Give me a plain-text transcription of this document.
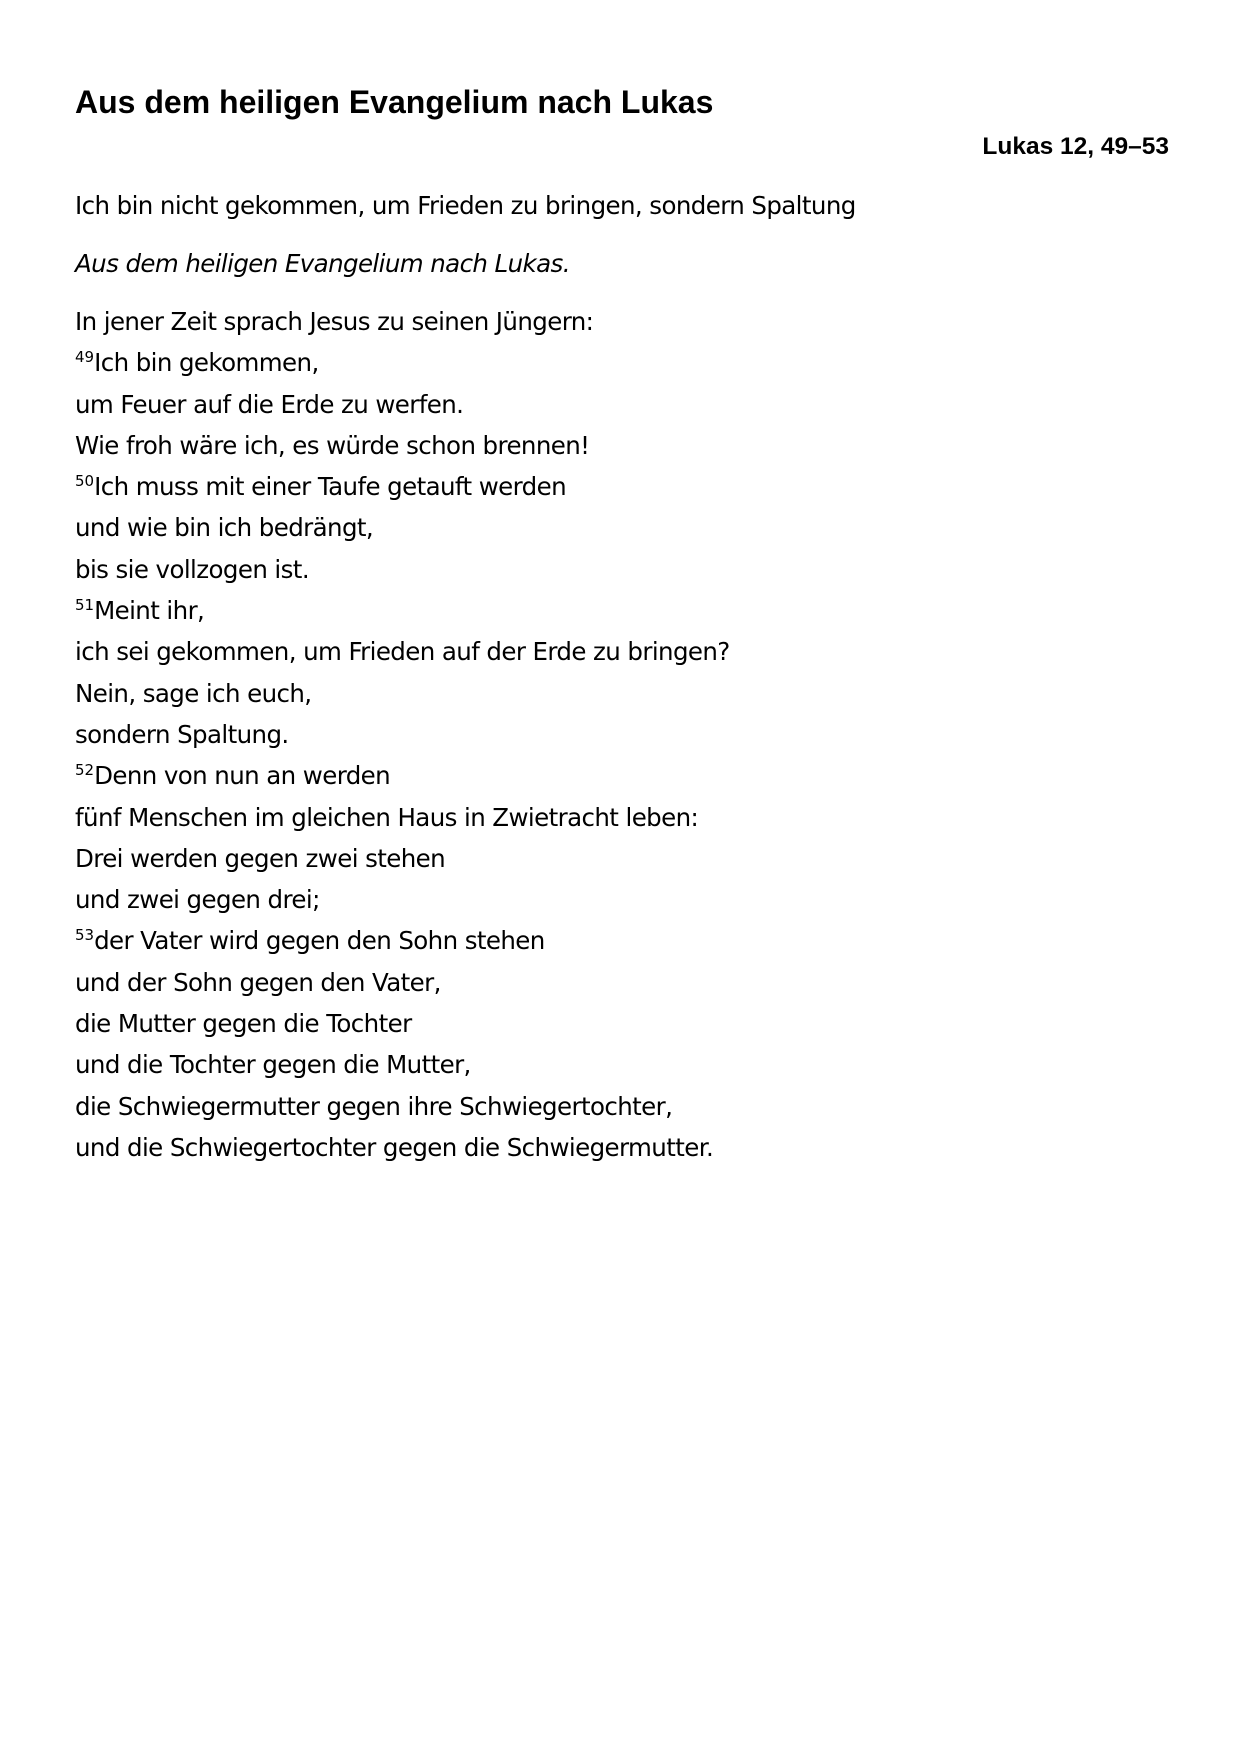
Aus dem heiligen Evangelium nach Lukas

Lukas 12, 49–53

Ich bin nicht gekommen, um Frieden zu bringen, sondern Spaltung

Aus dem heiligen Evangelium nach Lukas.

In jener Zeit sprach Jesus zu seinen Jüngern:
$^{49}$Ich bin gekommen,
um Feuer auf die Erde zu werfen.
Wie froh wäre ich, es würde schon brennen!
$^{50}$Ich muss mit einer Taufe getauft werden
und wie bin ich bedrängt,
bis sie vollzogen ist.
$^{51}$Meint ihr,
ich sei gekommen, um Frieden auf der Erde zu bringen?
Nein, sage ich euch,
sondern Spaltung.
$^{52}$Denn von nun an werden
fünf Menschen im gleichen Haus in Zwietracht leben:
Drei werden gegen zwei stehen
und zwei gegen drei;
$^{53}$der Vater wird gegen den Sohn stehen
und der Sohn gegen den Vater,
die Mutter gegen die Tochter
und die Tochter gegen die Mutter,
die Schwiegermutter gegen ihre Schwiegertochter,
und die Schwiegertochter gegen die Schwiegermutter.
